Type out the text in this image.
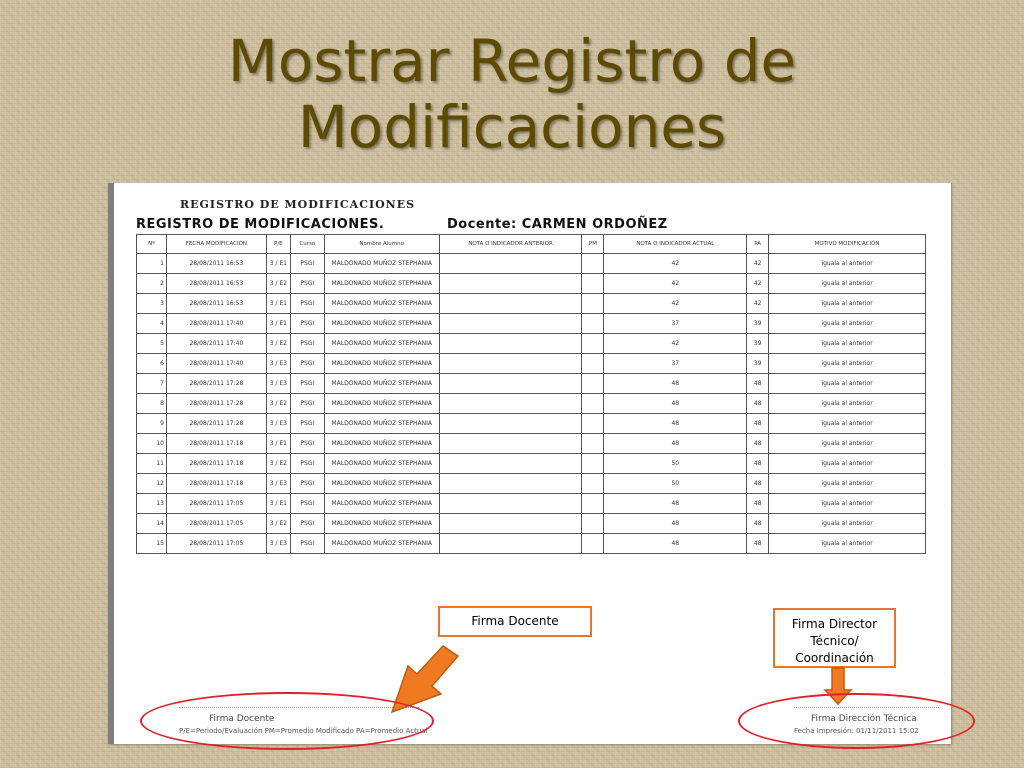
Mostrar Registro de
Modificaciones
REGISTRO DE MODIFICACIONES
REGISTRO DE MODIFICACIONES.	Docente: CARMEN ORDOÑEZ
Nº	FECHA MODIFICACIÓN	P/E	Curso	Nombre Alumno	NOTA O INDICADOR ANTERIOR	PM	NOTA O INDICADOR ACTUAL	PA	MOTIVO MODIFICACIÓN
1	28/08/2011 16:53	3 / E1	PSGI	MALDONADO MUÑOZ STEPHANIA			42	42	iguala al anterior
2	28/08/2011 16:53	3 / E2	PSGI	MALDONADO MUÑOZ STEPHANIA			42	42	iguala al anterior
3	28/08/2011 16:53	3 / E1	PSGI	MALDONADO MUÑOZ STEPHANIA			42	42	iguala al anterior
4	28/08/2011 17:40	3 / E1	PSGI	MALDONADO MUÑOZ STEPHANIA			37	39	iguala al anterior
5	28/08/2011 17:40	3 / E2	PSGI	MALDONADO MUÑOZ STEPHANIA			42	39	iguala al anterior
6	28/08/2011 17:40	3 / E3	PSGI	MALDONADO MUÑOZ STEPHANIA			37	39	iguala al anterior
7	28/08/2011 17:28	3 / E3	PSGI	MALDONADO MUÑOZ STEPHANIA			48	48	iguala al anterior
8	28/08/2011 17:28	3 / E2	PSGI	MALDONADO MUÑOZ STEPHANIA			48	48	iguala al anterior
9	28/08/2011 17:28	3 / E3	PSGI	MALDONADO MUÑOZ STEPHANIA			48	48	iguala al anterior
10	28/08/2011 17:18	3 / E1	PSGI	MALDONADO MUÑOZ STEPHANIA			48	48	iguala al anterior
11	28/08/2011 17:18	3 / E2	PSGI	MALDONADO MUÑOZ STEPHANIA			50	48	iguala al anterior
12	28/08/2011 17:18	3 / E3	PSGI	MALDONADO MUÑOZ STEPHANIA			50	48	iguala al anterior
13	28/08/2011 17:05	3 / E1	PSGI	MALDONADO MUÑOZ STEPHANIA			48	48	iguala al anterior
14	28/08/2011 17:05	3 / E2	PSGI	MALDONADO MUÑOZ STEPHANIA			48	48	iguala al anterior
15	28/08/2011 17:05	3 / E3	PSGI	MALDONADO MUÑOZ STEPHANIA			48	48	iguala al anterior
Firma Docente
P/E=Periodo/Evaluación PM=Promedio Modificado PA=Promedio Actual
Firma Dirección Técnica
Fecha Impresión: 01/11/2011 15:02
Firma Docente	Firma Director
Técnico/
Coordinación
